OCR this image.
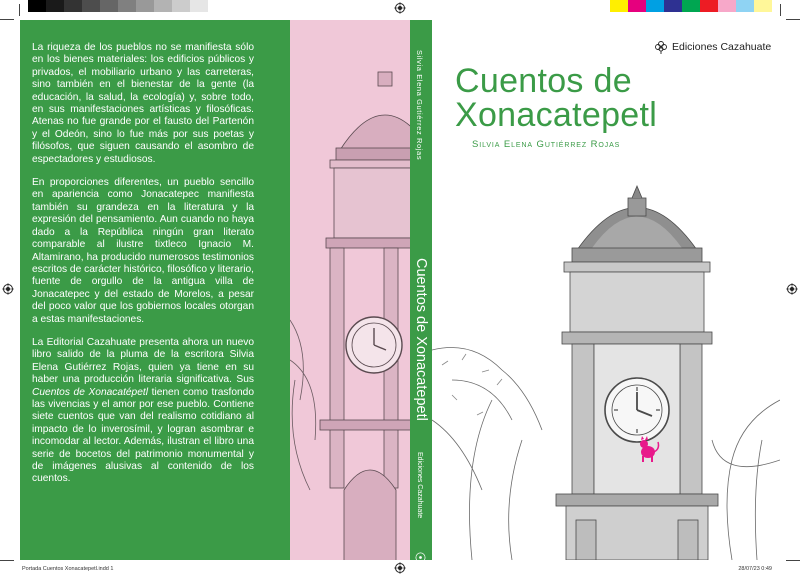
La riqueza de los pueblos no se manifiesta sólo en los bienes materiales: los edificios públicos y privados, el mobiliario urbano y las carreteras, sino también en el bienestar de la gente (la educación, la salud, la ecología) y, sobre todo, en sus manifestaciones artísticas y filosóficas. Atenas no fue grande por el fausto del Partenón y el Odeón, sino lo fue más por sus poetas y filósofos, que siguen causando el asombro de espectadores y estudiosos.

En proporciones diferentes, un pueblo sencillo en apariencia como Jonacatepec manifiesta también su grandeza en la literatura y la expresión del pensamiento. Aun cuando no haya dado a la República ningún gran literato comparable al ilustre tixtleco Ignacio M. Altamirano, ha producido numerosos testimonios escritos de carácter histórico, filosófico y literario, fuente de orgullo de la antigua villa de Jonacatepec y del estado de Morelos, a pesar del poco valor que los gobiernos locales otorgan a estas manifestaciones.

La Editorial Cazahuate presenta ahora un nuevo libro salido de la pluma de la escritora Silvia Elena Gutiérrez Rojas, quien ya tiene en su haber una producción literaria significativa. Sus Cuentos de Xonacatépetl tienen como trasfondo las vivencias y el amor por ese pueblo. Contiene siete cuentos que van del realismo cotidiano al impacto de lo inverosímil, y logran asombrar e incomodar al lector. Además, ilustran el libro una serie de bocetos del patrimonio monumental y de imágenes alusivas al contenido de los cuentos.

Silvia Elena Gutiérrez Rojas
Cuentos de Xonacatepetl
Ediciones Cazahuate
Ediciones Cazahuate
Cuentos de
Xonacatepetl
Silvia Elena Gutiérrez Rojas
Portada Cuentos Xonacatepetl.indd 1	28/07/23 0:49
